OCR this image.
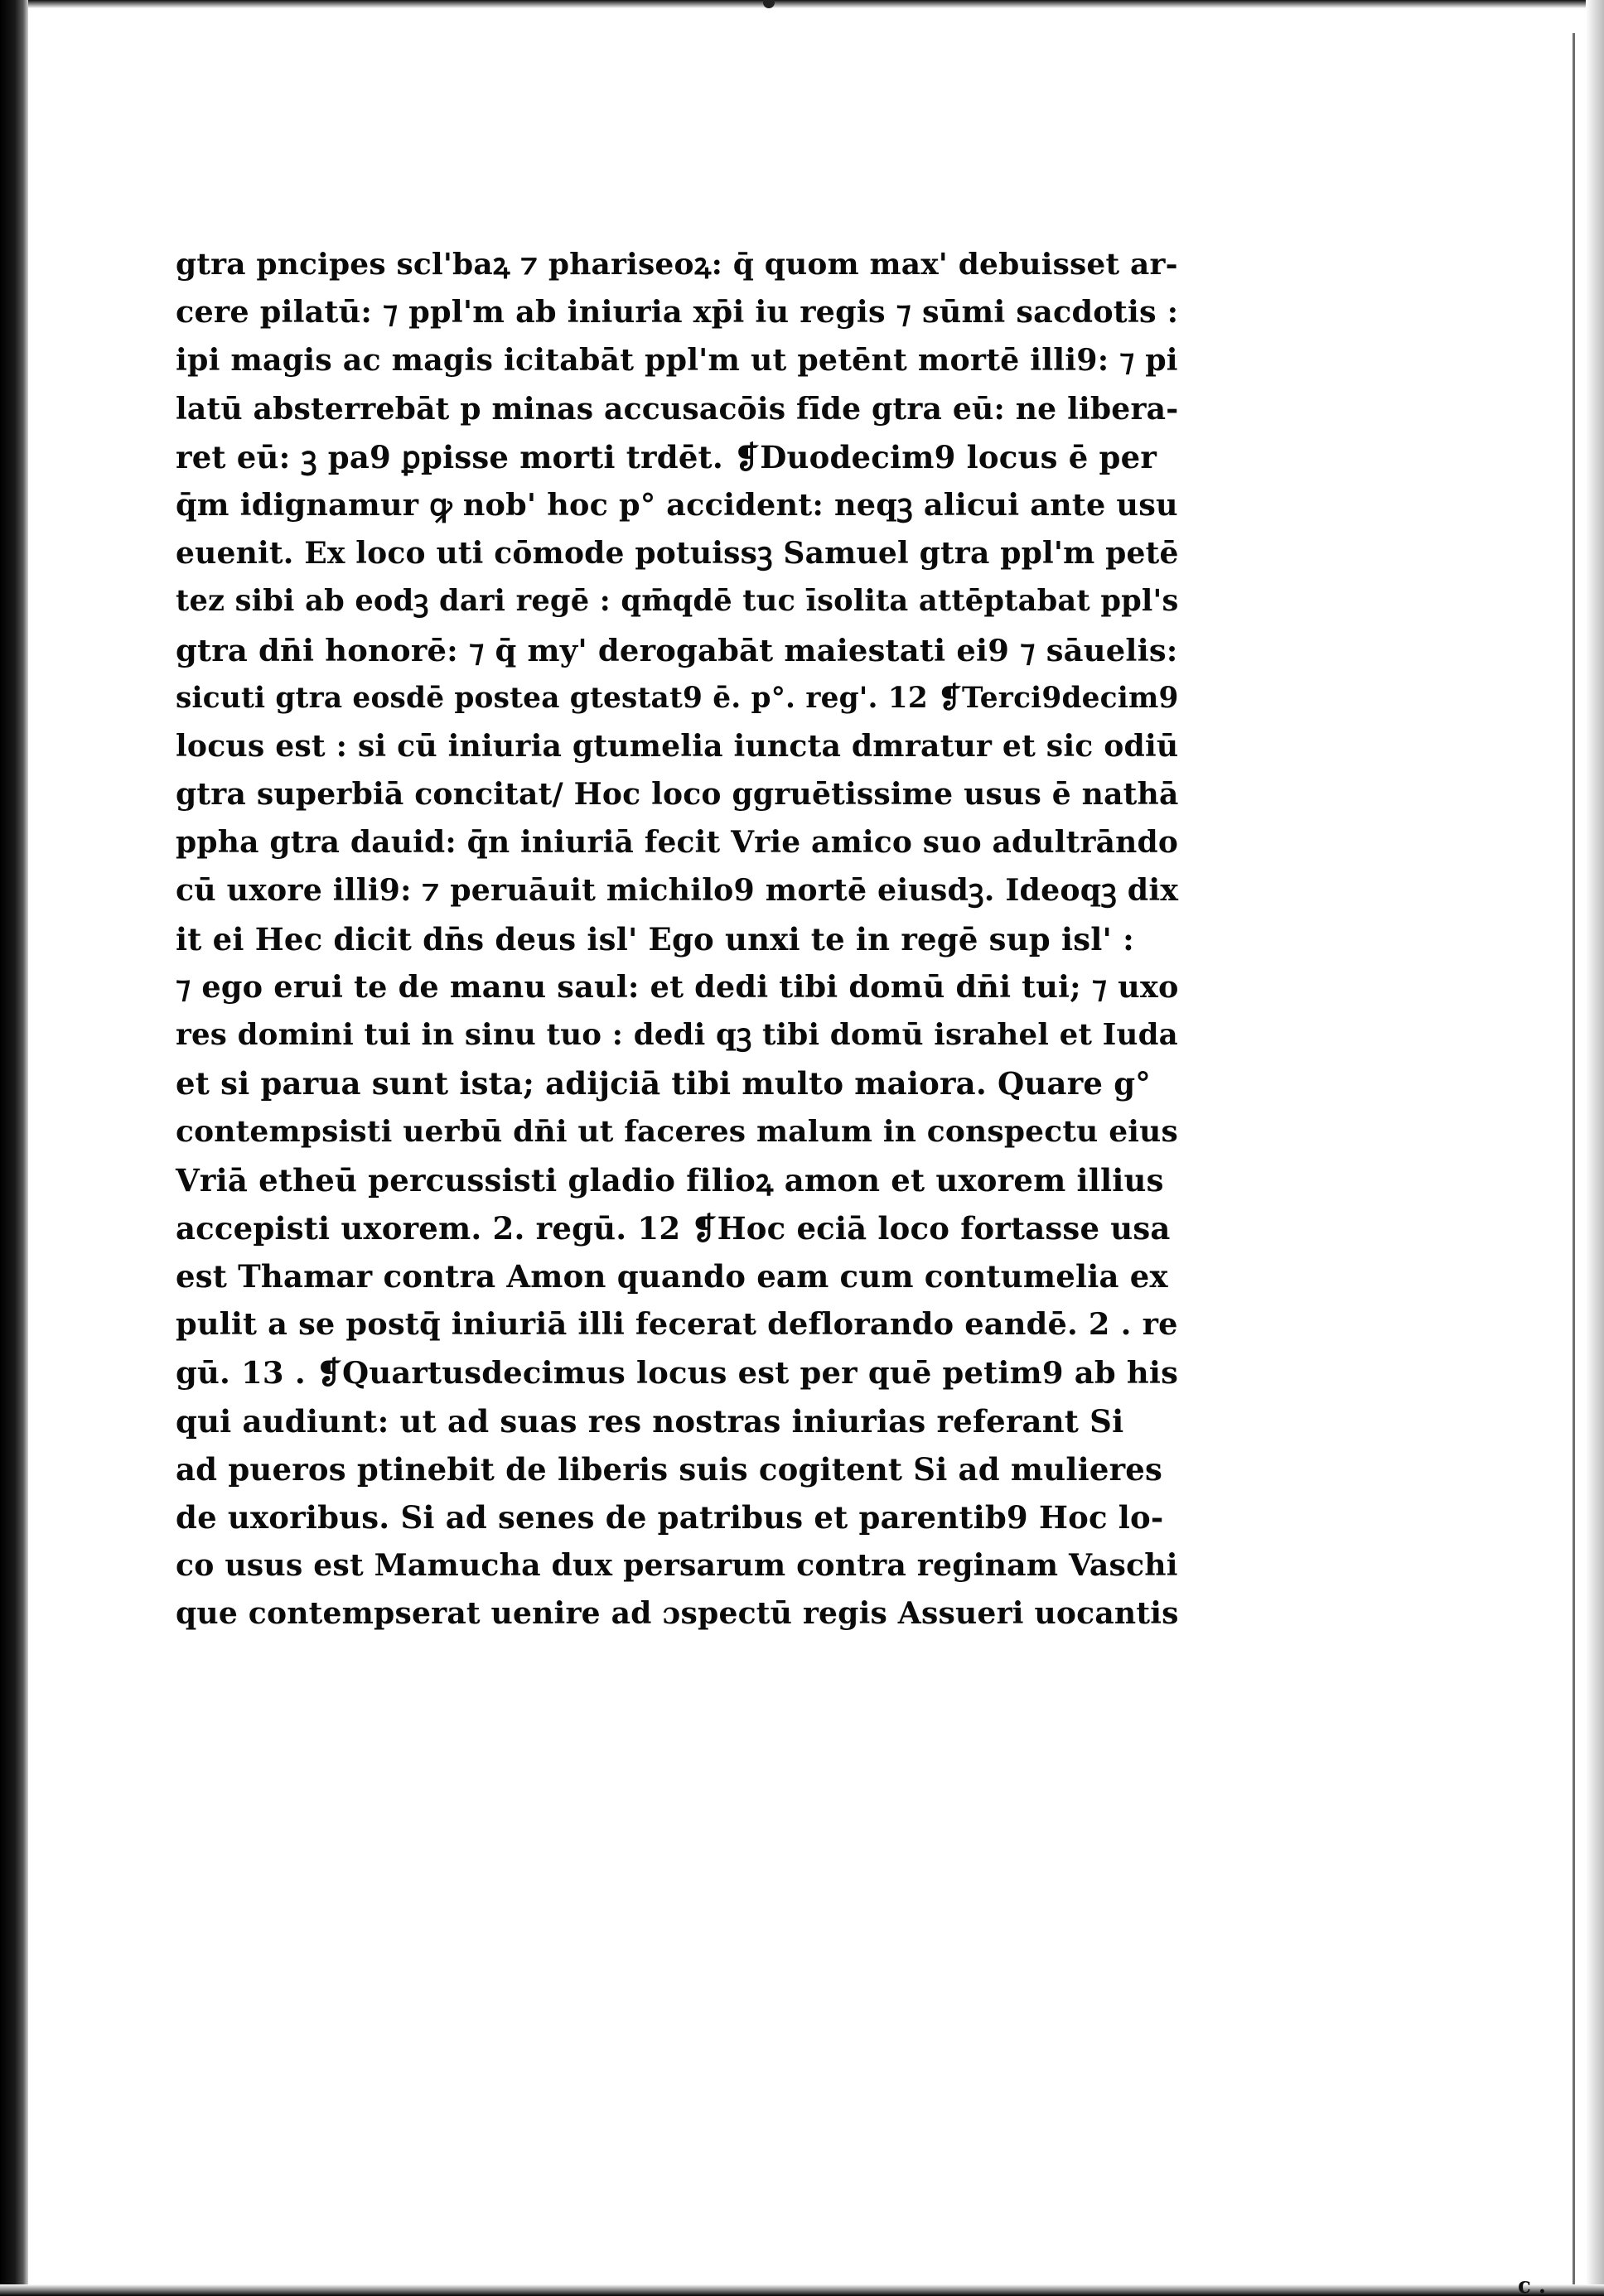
gtra pncipes scl'baꝝ ⁊ phariseoꝝ: q̄ quom max' debuisset ar-
cere pilatū: ⁊ ppl'm ab iniuria xp̄i iu regis ⁊ sūmi sacdotis :
ipi magis ac magis icitabāt ppl'm ut petēnt mortē illi9: ⁊ pi
latū absterrebāt p minas accusacōis fīde gtra eū: ne libera-
ret eū: ꝫ pa9 ꝑpisse morti trdēt. ❡Duodecim9 locus ē per
q̄m idignamur ꝙ nob' hoc p° accident: neqꝫ alicui ante usu
euenit. Ex loco uti cōmode potuissꝫ Samuel gtra ppl'm petē
tez sibi ab eodꝫ dari regē : qm̄qdē tuc īsolita attēptabat ppl's
gtra dn̄i honorē: ⁊ q̄ my' derogabāt maiestati ei9 ⁊ sāuelis:
sicuti gtra eosdē postea gtestat9 ē. p°. reg'. 12 ❡Terci9decim9
locus est : si cū iniuria gtumelia iuncta dmratur et sic odiū
gtra superbiā concitat/ Hoc loco ggruētissime usus ē nathā
ppha gtra dauid: q̄n iniuriā fecit Vrie amico suo adultrāndo
cū uxore illi9: ⁊ peruāuit michilo9 mortē eiusdꝫ. Ideoqꝫ dix
it ei Hec dicit dn̄s deus isl' Ego unxi te in regē sup isl' :
⁊ ego erui te de manu saul: et dedi tibi domū dn̄i tui; ⁊ uxo
res domini tui in sinu tuo : dedi qꝫ tibi domū israhel et Iuda
et si parua sunt ista; adijciā tibi multo maiora. Quare g°
contempsisti uerbū dn̄i ut faceres malum in conspectu eius
Vriā etheū percussisti gladio filioꝝ amon et uxorem illius
accepisti uxorem. 2. regū. 12 ❡Hoc eciā loco fortasse usa
est Thamar contra Amon quando eam cum contumelia ex
pulit a se postq̄ iniuriā illi fecerat deflorando eandē. 2 . re
gū. 13 . ❡Quartusdecimus locus est per quē petim9 ab his
qui audiunt: ut ad suas res nostras iniurias referant Si
ad pueros ptinebit de liberis suis cogitent Si ad mulieres
de uxoribus. Si ad senes de patribus et parentib9 Hoc lo-
co usus est Mamucha dux persarum contra reginam Vaschi
que contempserat uenire ad ɔspectū regis Assueri uocantis
c .
